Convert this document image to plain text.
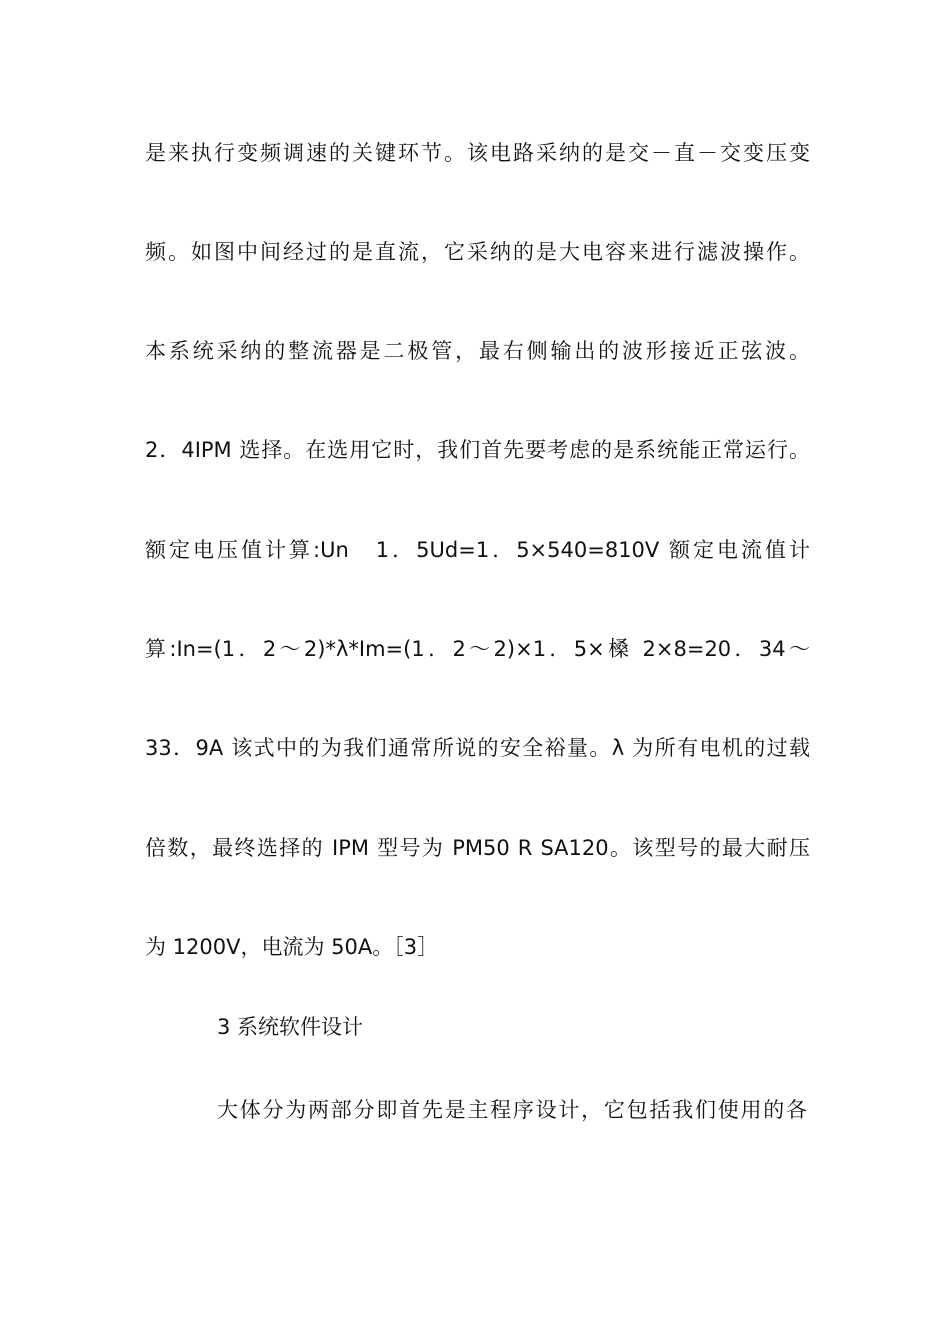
是来执行变频调速的关键环节。该电路采纳的是交－直－交变压变
频。如图中间经过的是直流，它采纳的是大电容来进行滤波操作。
本系统采纳的整流器是二极管，最右侧输出的波形接近正弦波。
2．4IPM 选择。在选用它时，我们首先要考虑的是系统能正常运行。
额定电压值计算:Un　1．5Ud=1．5×540=810V 额定电流值计
算:In=(1．2～2)*λ*Im=(1．2～2)×1．5×槡 2×8=20．34～
33．9A 该式中的为我们通常所说的安全裕量。λ 为所有电机的过载
倍数，最终选择的 IPM 型号为 PM50 R SA120。该型号的最大耐压
为 1200V，电流为 50A。［3］
3 系统软件设计
大体分为两部分即首先是主程序设计，它包括我们使用的各
